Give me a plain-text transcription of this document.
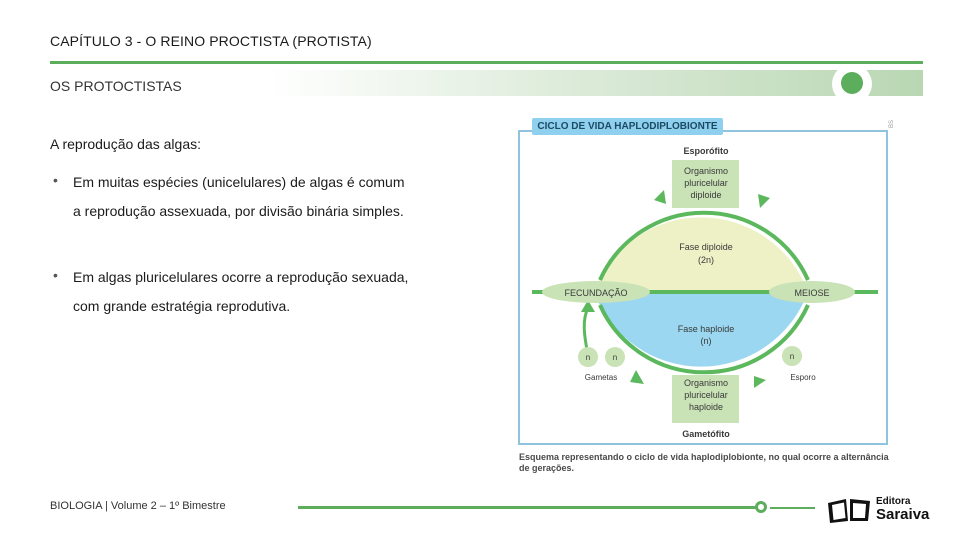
CAPÍTULO 3 - O REINO PROCTISTA (PROTISTA)
OS PROTOCTISTAS
A reprodução das algas:
• Em muitas espécies (unicelulares) de algas é comum a reprodução assexuada, por divisão binária simples.
• Em algas pluricelulares ocorre a reprodução sexuada, com grande estratégia reprodutiva.
Esporófito
Organismo
pluricelular
diploide
Fase diploide
(2n)
FECUNDAÇÃO	MEIOSE
Fase haploide
(n)
n	n
Gametas
n
Esporo
Organismo
pluricelular
haploide
Gametófito
CICLO DE VIDA HAPLODIPLOBIONTE	BS
Esquema representando o ciclo de vida haplodiplobionte, no qual ocorre a alternância de gerações.
BIOLOGIA | Volume 2 – 1º Bimestre	Editora
Saraiva
